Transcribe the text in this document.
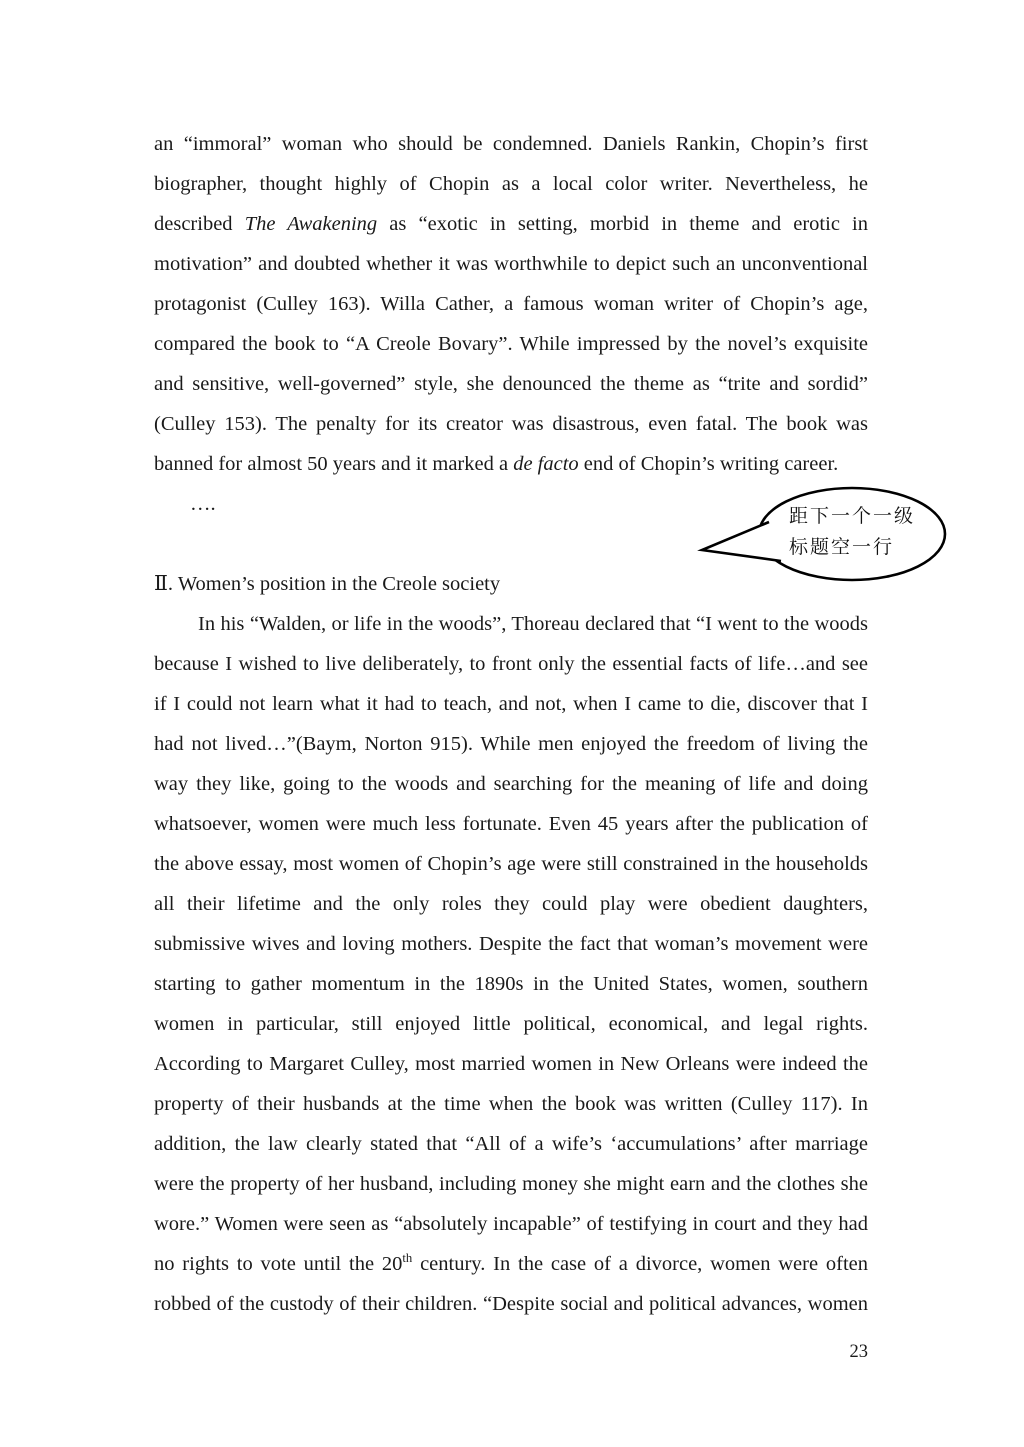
an “immoral” woman who should be condemned. Daniels Rankin, Chopin’s first
biographer, thought highly of Chopin as a local color writer. Nevertheless, he
described The Awakening as “exotic in setting, morbid in theme and erotic in
motivation” and doubted whether it was worthwhile to depict such an unconventional
protagonist (Culley 163). Willa Cather, a famous woman writer of Chopin’s age,
compared the book to “A Creole Bovary”. While impressed by the novel’s exquisite
and sensitive, well-governed” style, she denounced the theme as “trite and sordid”
(Culley 153). The penalty for its creator was disastrous, even fatal. The book was
banned for almost 50 years and it marked a de facto end of Chopin’s writing career.
….
Ⅱ. Women’s position in the Creole society
In his “Walden, or life in the woods”, Thoreau declared that “I went to the woods
because I wished to live deliberately, to front only the essential facts of life…and see
if I could not learn what it had to teach, and not, when I came to die, discover that I
had not lived…”(Baym, Norton 915). While men enjoyed the freedom of living the
way they like, going to the woods and searching for the meaning of life and doing
whatsoever, women were much less fortunate. Even 45 years after the publication of
the above essay, most women of Chopin’s age were still constrained in the households
all their lifetime and the only roles they could play were obedient daughters,
submissive wives and loving mothers. Despite the fact that woman’s movement were
starting to gather momentum in the 1890s in the United States, women, southern
women in particular, still enjoyed little political, economical, and legal rights.
According to Margaret Culley, most married women in New Orleans were indeed the
property of their husbands at the time when the book was written (Culley 117). In
addition, the law clearly stated that “All of a wife’s ‘accumulations’ after marriage
were the property of her husband, including money she might earn and the clothes she
wore.” Women were seen as “absolutely incapable” of testifying in court and they had
no rights to vote until the 20th century. In the case of a divorce, women were often
robbed of the custody of their children. “Despite social and political advances, women
距下一个一级
标题空一行
23
